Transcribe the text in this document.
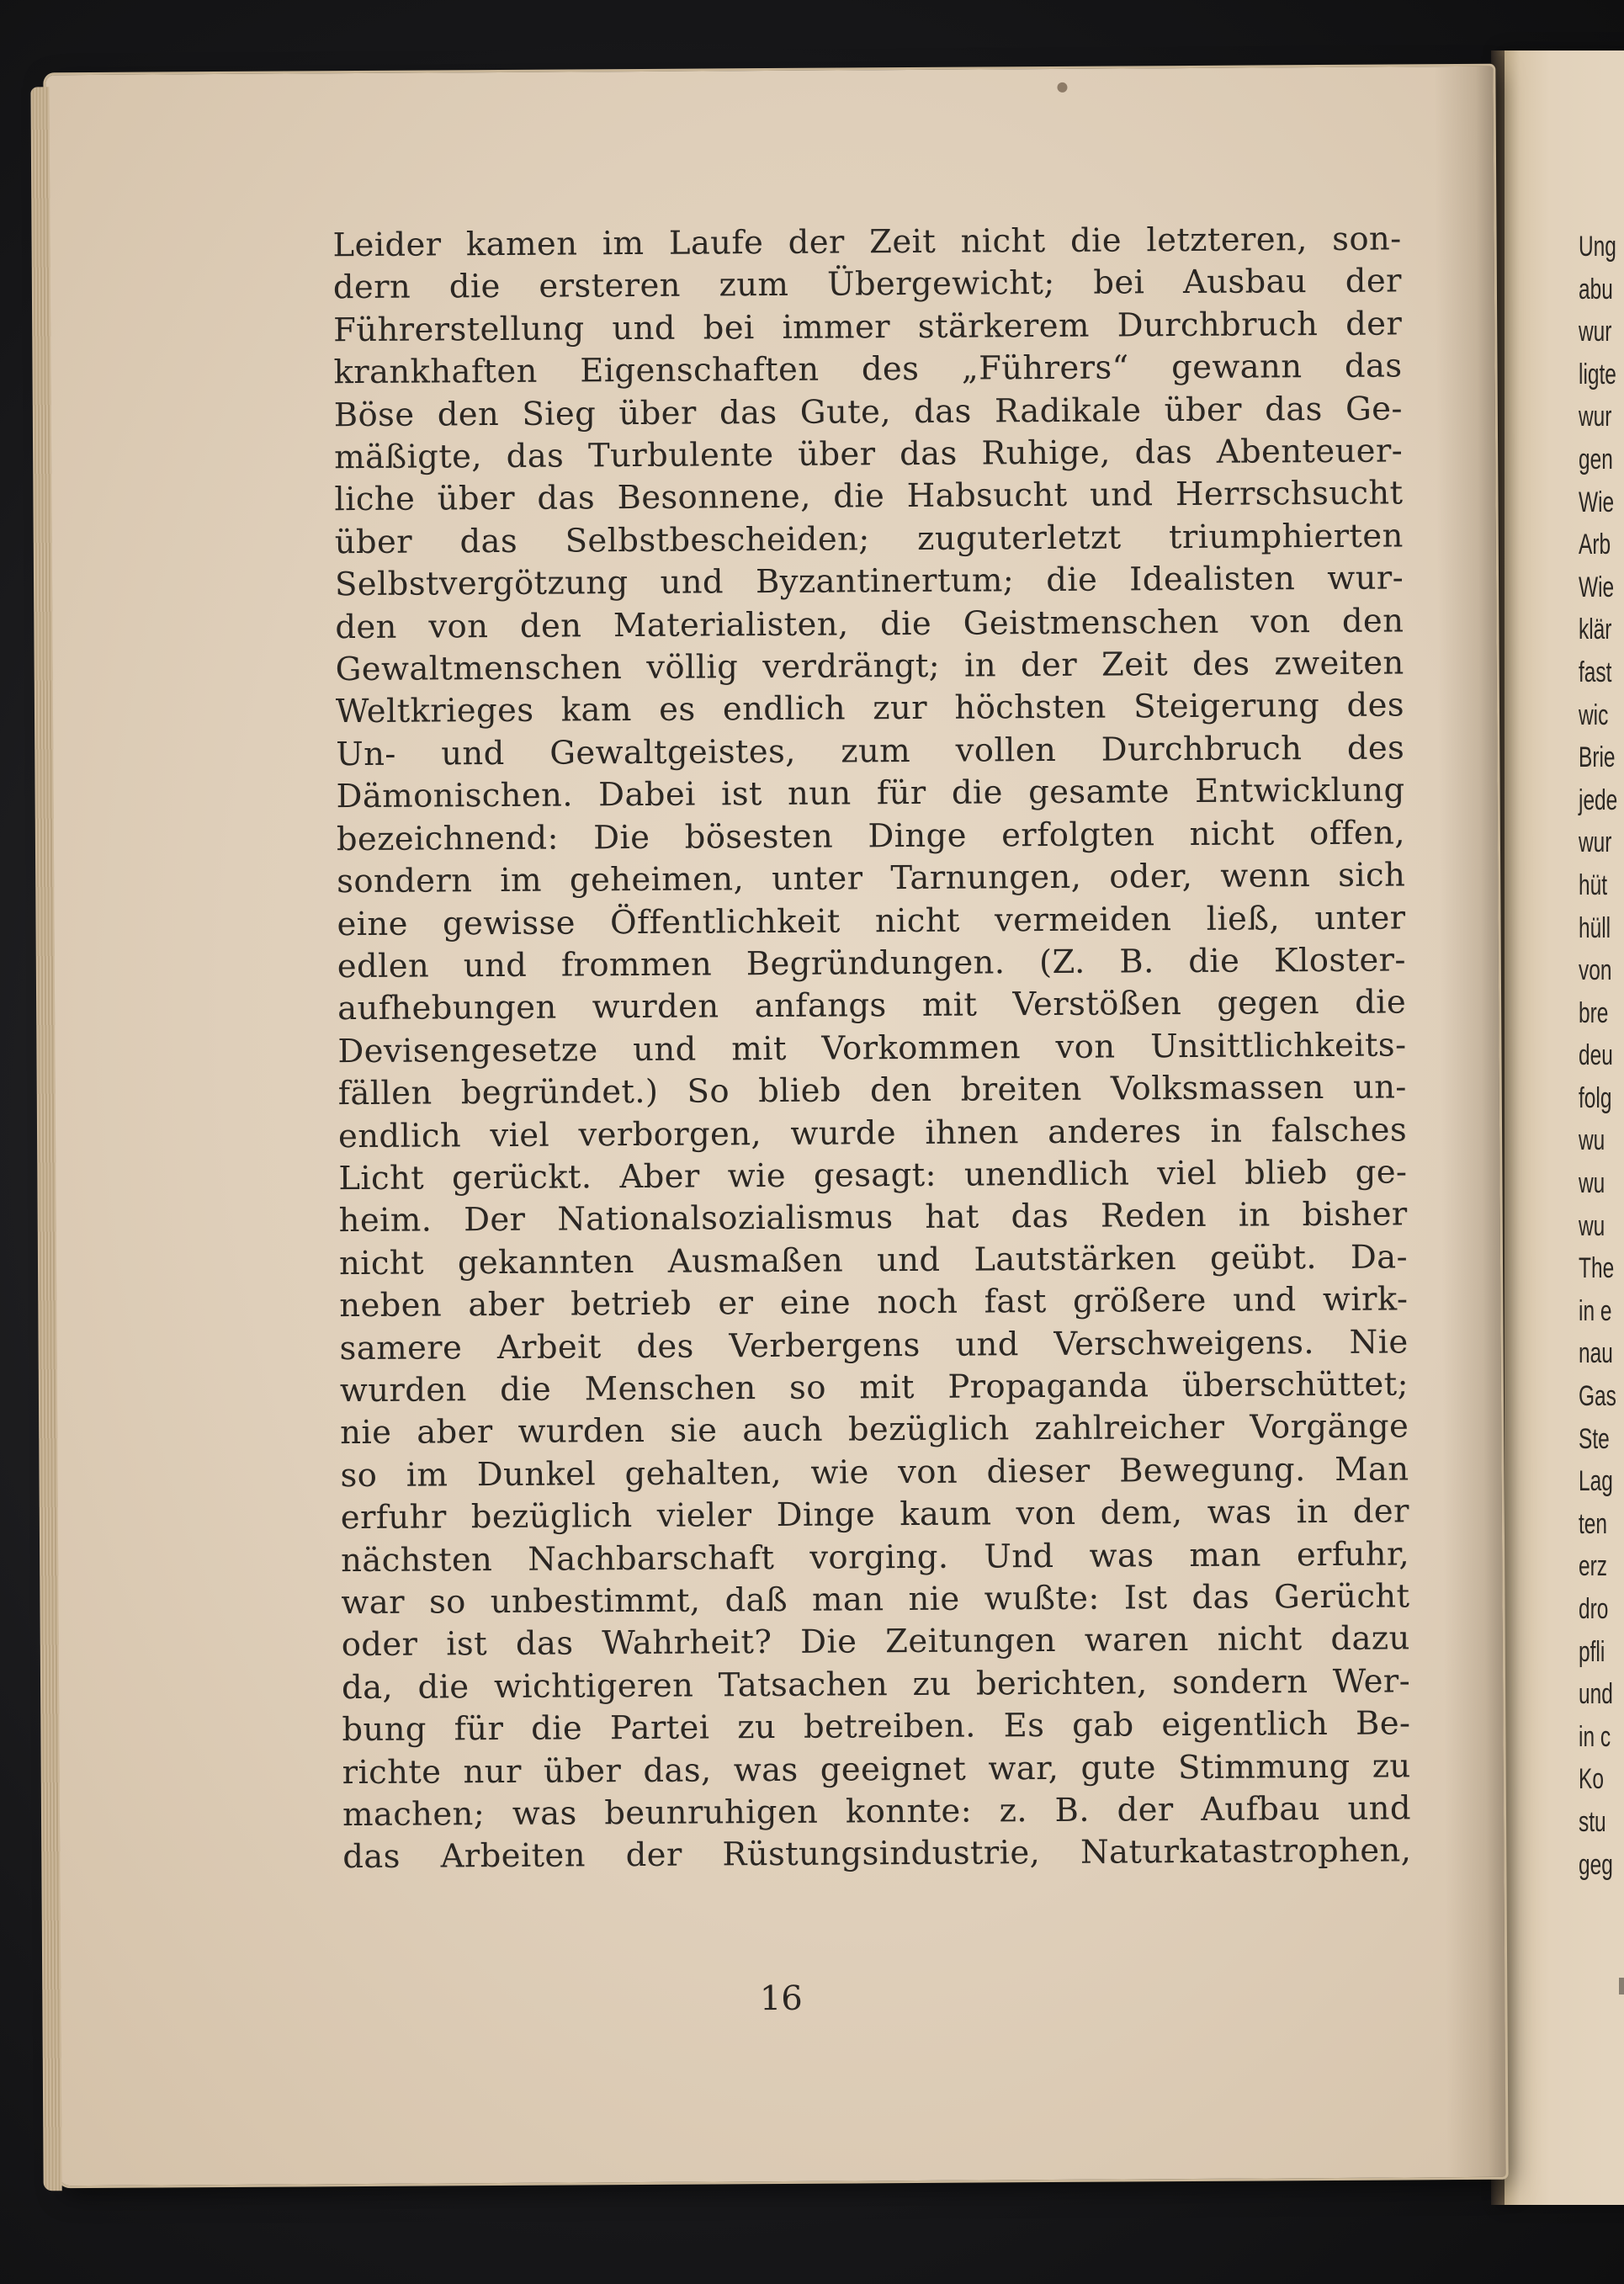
Ung
abu
wur
ligte
wur
gen
Wie
Arb
Wie
klär
fast
wic
Brie
jede
wur
hüt
hüll
von
bre
deu
folg
wu
wu
wu
The
in e
nau
Gas
Ste
Lag
ten
erz
dro
pfli
und
in c
Ko
stu
geg
Leider kamen im Laufe der Zeit nicht die letzteren, son-
dern die ersteren zum Übergewicht; bei Ausbau der
Führerstellung und bei immer stärkerem Durchbruch der
krankhaften Eigenschaften des „Führers“ gewann das
Böse den Sieg über das Gute, das Radikale über das Ge-
mäßigte, das Turbulente über das Ruhige, das Abenteuer-
liche über das Besonnene, die Habsucht und Herrschsucht
über das Selbstbescheiden; zuguterletzt triumphierten
Selbstvergötzung und Byzantinertum; die Idealisten wur-
den von den Materialisten, die Geistmenschen von den
Gewaltmenschen völlig verdrängt; in der Zeit des zweiten
Weltkrieges kam es endlich zur höchsten Steigerung des
Un- und Gewaltgeistes, zum vollen Durchbruch des
Dämonischen. Dabei ist nun für die gesamte Entwicklung
bezeichnend: Die bösesten Dinge erfolgten nicht offen,
sondern im geheimen, unter Tarnungen, oder, wenn sich
eine gewisse Öffentlichkeit nicht vermeiden ließ, unter
edlen und frommen Begründungen. (Z. B. die Kloster-
aufhebungen wurden anfangs mit Verstößen gegen die
Devisengesetze und mit Vorkommen von Unsittlichkeits-
fällen begründet.) So blieb den breiten Volksmassen un-
endlich viel verborgen, wurde ihnen anderes in falsches
Licht gerückt. Aber wie gesagt: unendlich viel blieb ge-
heim. Der Nationalsozialismus hat das Reden in bisher
nicht gekannten Ausmaßen und Lautstärken geübt. Da-
neben aber betrieb er eine noch fast größere und wirk-
samere Arbeit des Verbergens und Verschweigens. Nie
wurden die Menschen so mit Propaganda überschüttet;
nie aber wurden sie auch bezüglich zahlreicher Vorgänge
so im Dunkel gehalten, wie von dieser Bewegung. Man
erfuhr bezüglich vieler Dinge kaum von dem, was in der
nächsten Nachbarschaft vorging. Und was man erfuhr,
war so unbestimmt, daß man nie wußte: Ist das Gerücht
oder ist das Wahrheit? Die Zeitungen waren nicht dazu
da, die wichtigeren Tatsachen zu berichten, sondern Wer-
bung für die Partei zu betreiben. Es gab eigentlich Be-
richte nur über das, was geeignet war, gute Stimmung zu
machen; was beunruhigen konnte: z. B. der Aufbau und
das Arbeiten der Rüstungsindustrie, Naturkatastrophen,
16
